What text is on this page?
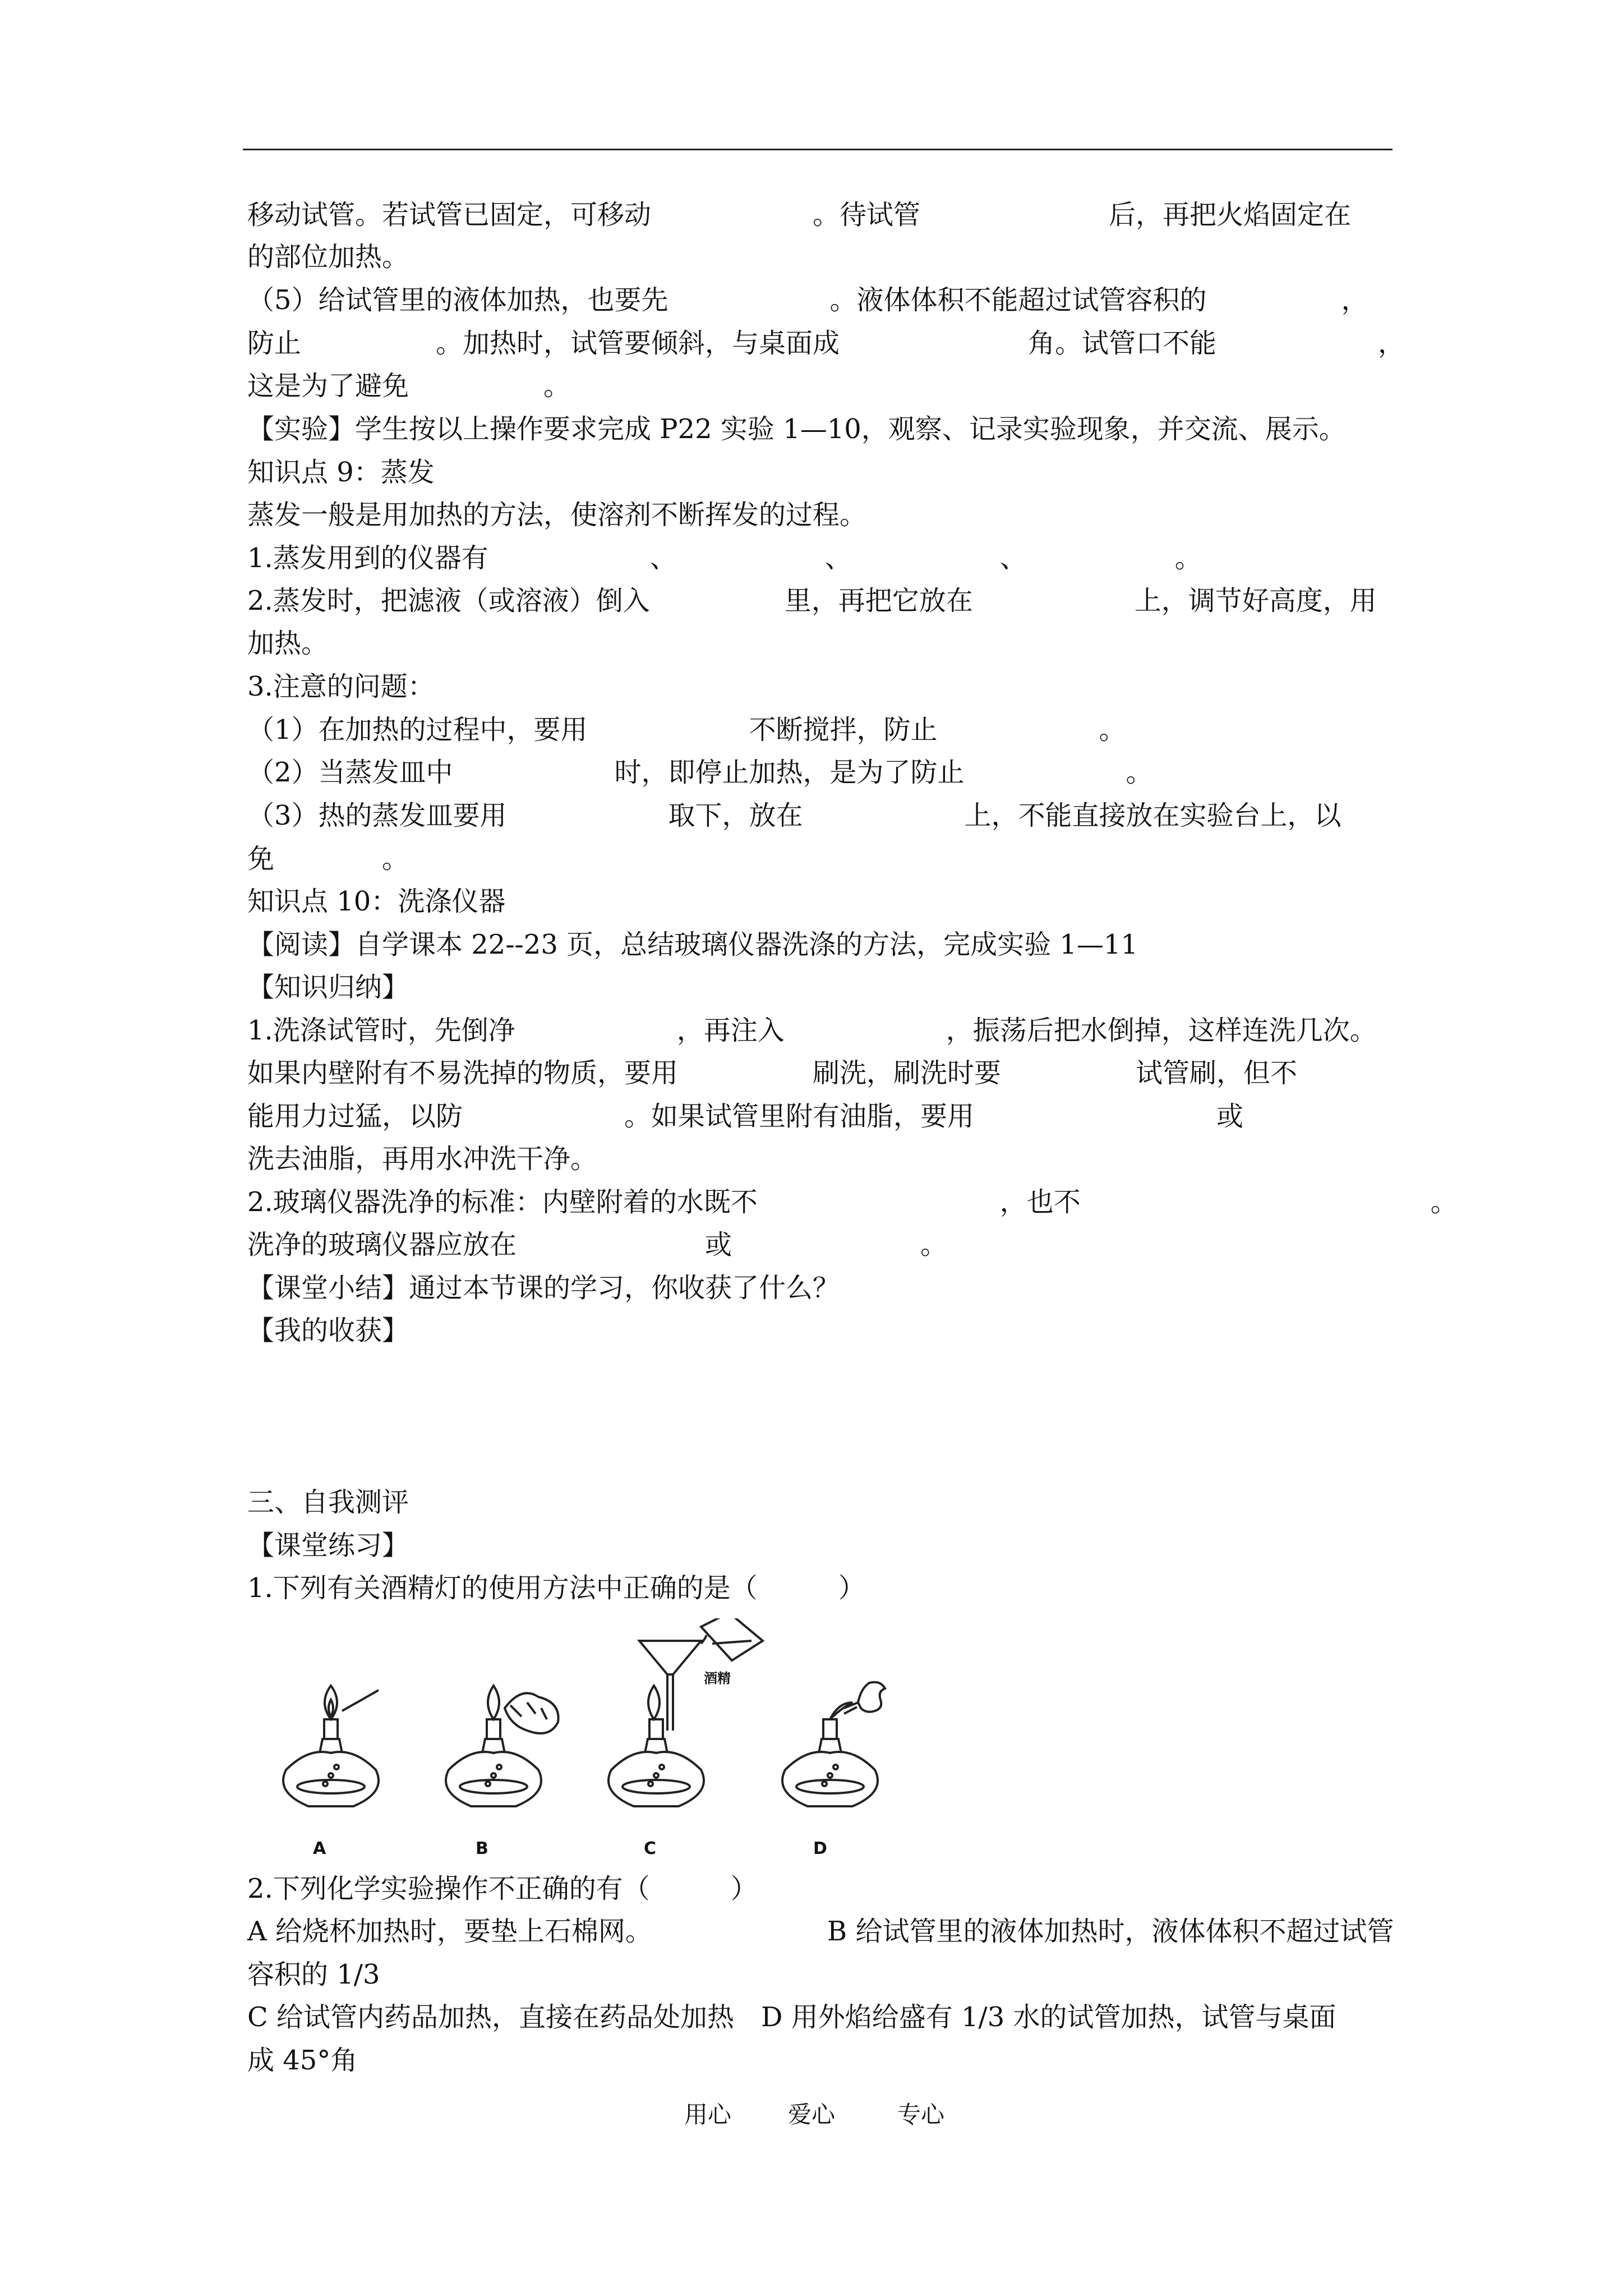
移动试管。若试管已固定，可移动　　　　　　。待试管　　　　　　　后，再把火焰固定在
的部位加热。
（5）给试管里的液体加热，也要先　　　　　　。液体体积不能超过试管容积的　　　　　，
防止　　　　　。加热时，试管要倾斜，与桌面成　　　　　　　角。试管口不能　　　　　　，
这是为了避免　　　　　。
【实验】学生按以上操作要求完成 P22 实验 1—10，观察、记录实验现象，并交流、展示。
知识点 9：蒸发
蒸发一般是用加热的方法，使溶剂不断挥发的过程。
1.蒸发用到的仪器有　　　　　　、　　　　　　、　　　　　　、　　　　　　。
2.蒸发时，把滤液（或溶液）倒入　　　　　里，再把它放在　　　　　　上，调节好高度，用
加热。
3.注意的问题：
（1）在加热的过程中，要用　　　　　　不断搅拌，防止　　　　　　。
（2）当蒸发皿中　　　　　　时，即停止加热，是为了防止　　　　　　。
（3）热的蒸发皿要用　　　　　　取下，放在　　　　　　上，不能直接放在实验台上，以
免　　　　。
知识点 10：洗涤仪器
【阅读】自学课本 22--23 页，总结玻璃仪器洗涤的方法，完成实验 1—11
【知识归纳】
1.洗涤试管时，先倒净　　　　　　，再注入　　　　　　，振荡后把水倒掉，这样连洗几次。
如果内壁附有不易洗掉的物质，要用　　　　　刷洗，刷洗时要　　　　　试管刷，但不
能用力过猛，以防　　　　　　。如果试管里附有油脂，要用　　　　　　　　　或
洗去油脂，再用水冲洗干净。
2.玻璃仪器洗净的标准：内壁附着的水既不　　　　　　　　　，也不　　　　　　　　　　　　　。
洗净的玻璃仪器应放在　　　　　　　或　　　　　　　。
【课堂小结】通过本节课的学习，你收获了什么？
【我的收获】
三、自我测评
【课堂练习】
1.下列有关酒精灯的使用方法中正确的是（　　　）
2.下列化学实验操作不正确的有（　　　）
A 给烧杯加热时，要垫上石棉网。　　　　　　　B 给试管里的液体加热时，液体体积不超过试管
容积的 1/3
C 给试管内药品加热，直接在药品处加热　D 用外焰给盛有 1/3 水的试管加热，试管与桌面
成 45°角
酒精
A	B	C	D
用心 爱心	专心
